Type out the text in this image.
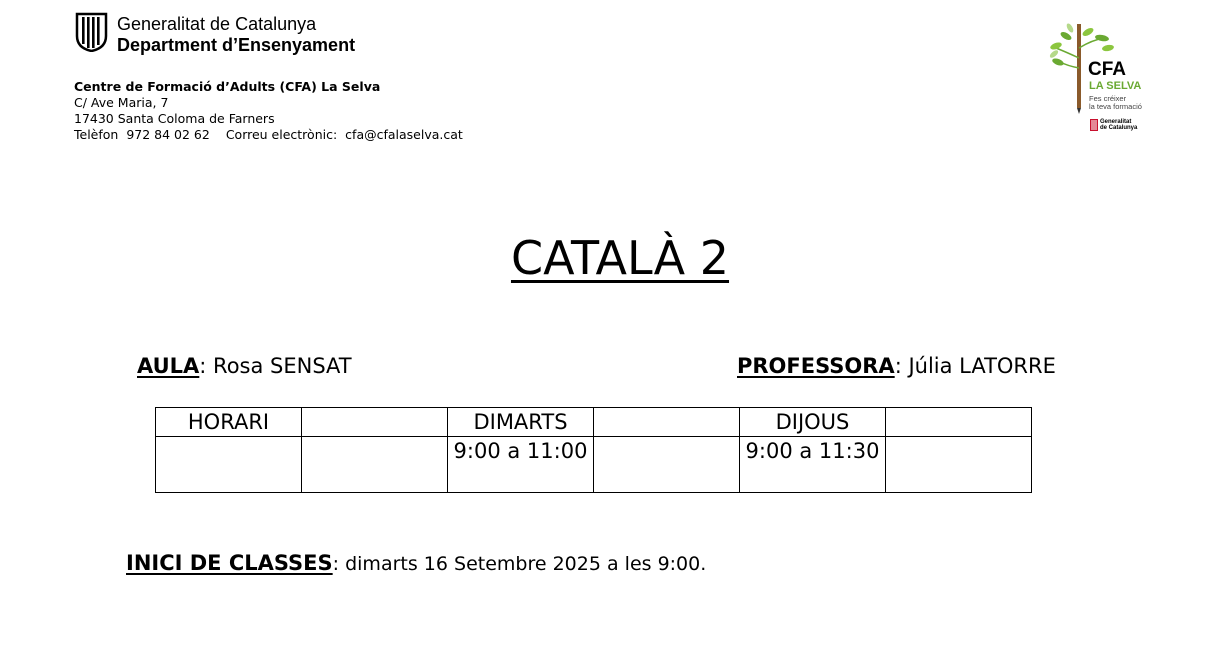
Generalitat de Catalunya
Department d’Ensenyament
Centre de Formació d’Adults (CFA) La Selva
C/ Ave Maria, 7
17430 Santa Coloma de Farners
Telèfon 972 84 02 62 Correu electrònic: cfa@cfalaselva.cat
CFA
LA SELVA
Fes créixer
la teva formació
Generalitat
de Catalunya
CATALÀ 2
AULA: Rosa SENSAT	PROFESSORA: Júlia LATORRE
HORARI		DIMARTS		DIJOUS	
		9:00 a 11:00		9:00 a 11:30	
INICI DE CLASSES: dimarts 16 Setembre 2025 a les 9:00.
